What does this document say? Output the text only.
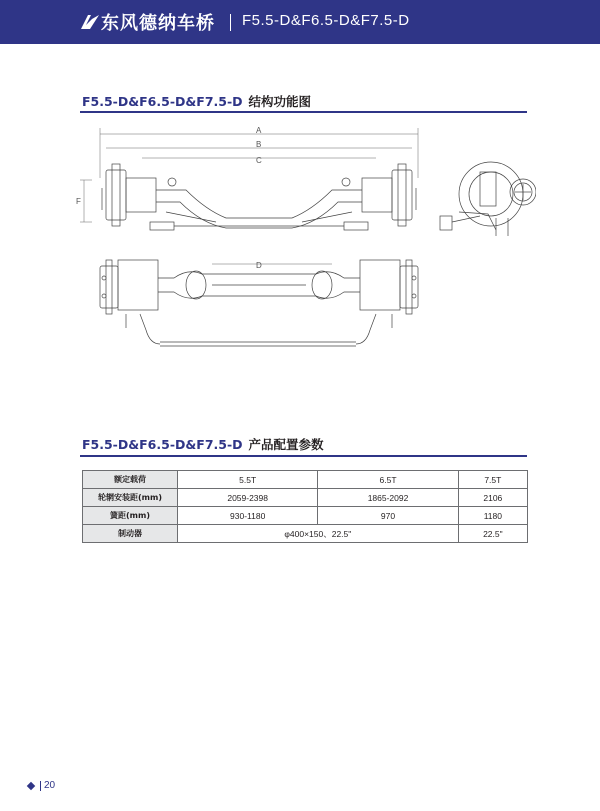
东风德纳车桥 F5.5-D&F6.5-D&F7.5-D
F5.5-D&F6.5-D&F7.5-D 结构功能图
A
B
C
D
F
F5.5-D&F6.5-D&F7.5-D 产品配置参数
额定载荷	5.5T	6.5T	7.5T
轮辋安装距(mm)	2059-2398	1865-2092	2106
簧距(mm)	930-1180	970	1180
制动器	φ400×150、22.5"		22.5"
20
